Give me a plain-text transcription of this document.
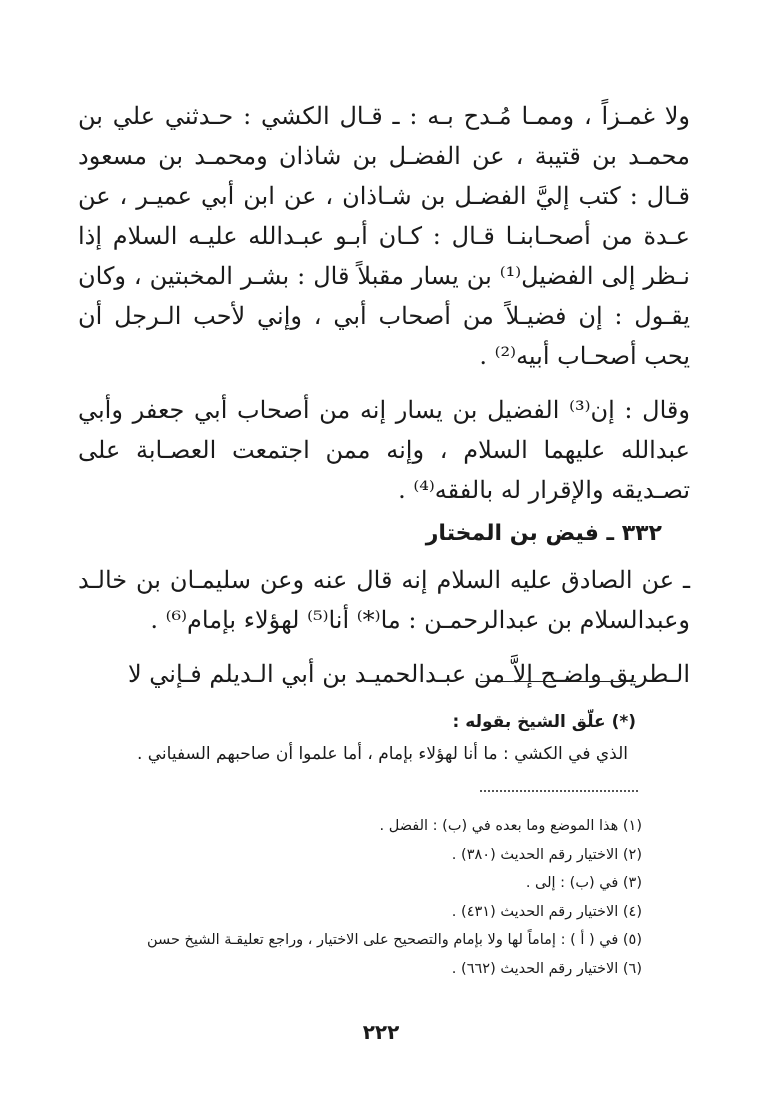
ولا غمـزاً ، وممـا مُـدح بـه : ـ قـال الكشي : حـدثني علي بن محمـد بن قتيبة ، عن الفضـل بن شاذان ومحمـد بن مسعود قـال : كتب إليَّ الفضـل بن شـاذان ، عن ابن أبي عميـر ، عن عـدة من أصحـابنـا قـال : كـان أبـو عبـدالله عليـه السلام إذا نـظر إلى الفضيل⁽¹⁾ بن يسار مقبلاً قال : بشـر المخبتين ، وكان يقـول : إن فضيـلاً من أصحاب أبي ، وإني لأحب الـرجل أن يحب أصحـاب أبيه⁽²⁾ .

وقال : إن⁽³⁾ الفضيل بن يسار إنه من أصحاب أبي جعفر وأبي عبدالله عليهما السلام ، وإنه ممن اجتمعت العصـابة على تصـديقه والإقرار له بالفقه⁽⁴⁾ .

٣٣٢ ـ فيض بن المختار

ـ عن الصادق عليه السلام إنه قال عنه وعن سليمـان بن خالـد وعبدالسلام بن عبدالرحمـن : ما⁽*⁾ أنا⁽⁵⁾ لهؤلاء بإمام⁽⁶⁾ .

الـطريق واضـح إلاَّ من عبـدالحميـد بن أبي الـديلم فـإني لا

(*) علّق الشيخ بقوله :
الذي في الكشي : ما أنا لهؤلاء بإمام ، أما علموا أن صاحبهم السفياني .
(١) هذا الموضع وما بعده في (ب) : الفضل .
(٢) الاختيار رقم الحديث (٣٨٠) .
(٣) في (ب) : إلى .
(٤) الاختيار رقم الحديث (٤٣١) .
(٥) في ( أ ) : إماماً لها ولا بإمام والتصحيح على الاختيار ، وراجع تعليقـة الشيخ حسن
(٦) الاختيار رقم الحديث (٦٦٢) .
٢٢٢
